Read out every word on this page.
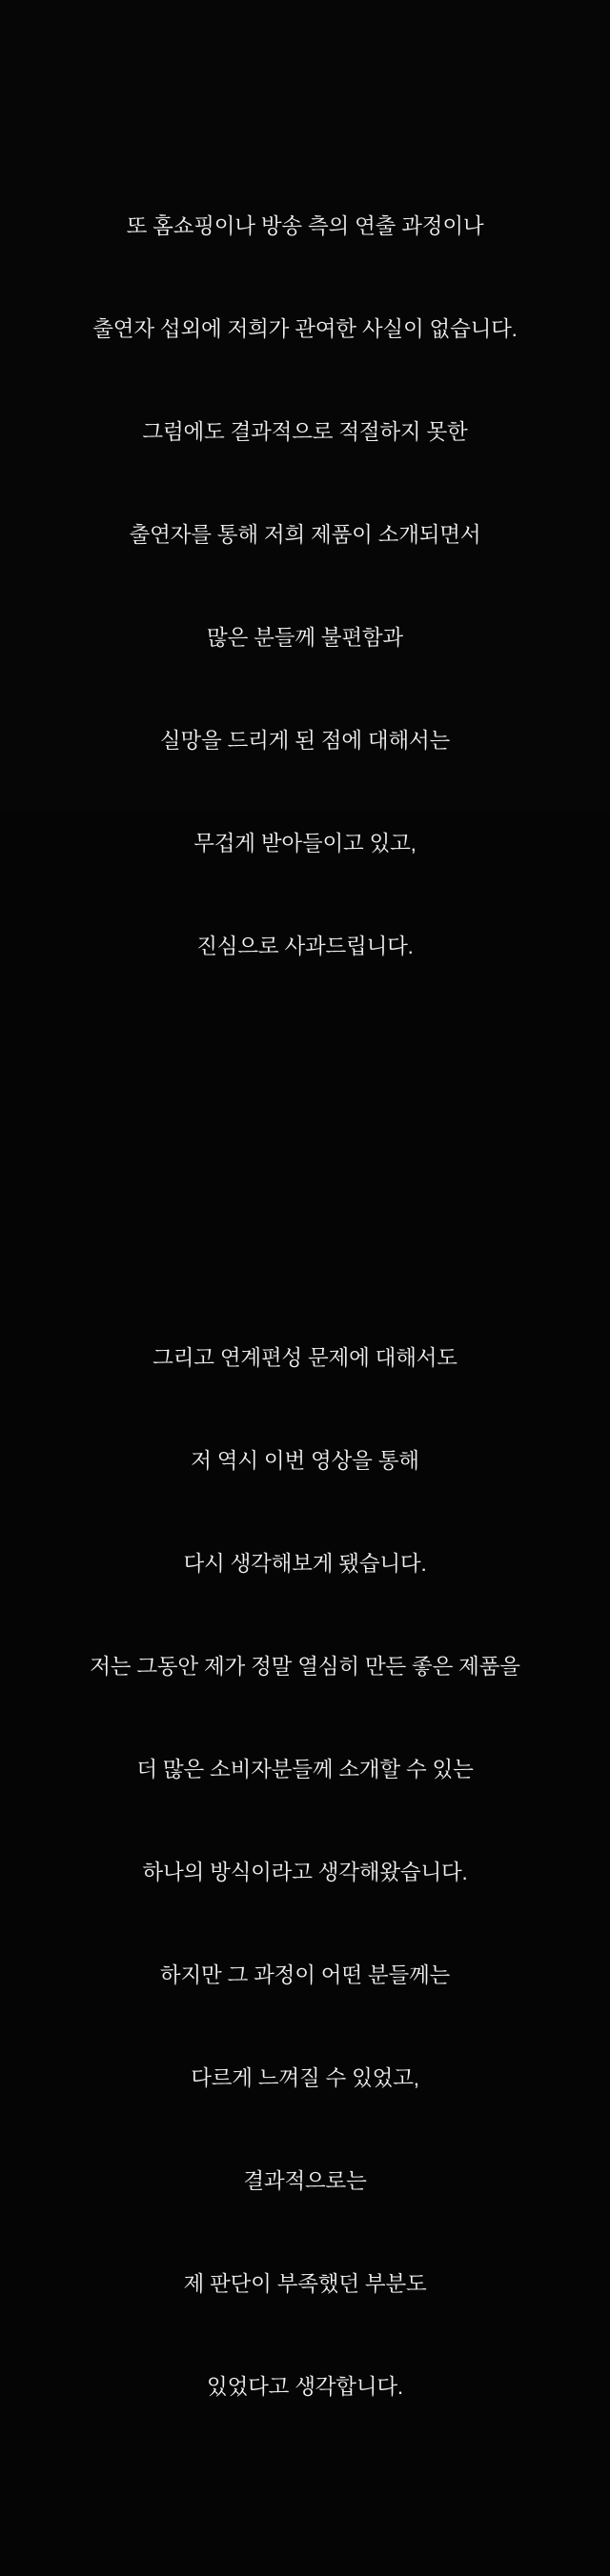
또 홈쇼핑이나 방송 측의 연출 과정이나

출연자 섭외에 저희가 관여한 사실이 없습니다.

그럼에도 결과적으로 적절하지 못한

출연자를 통해 저희 제품이 소개되면서

많은 분들께 불편함과

실망을 드리게 된 점에 대해서는

무겁게 받아들이고 있고,

진심으로 사과드립니다.

그리고 연계편성 문제에 대해서도

저 역시 이번 영상을 통해

다시 생각해보게 됐습니다.

저는 그동안 제가 정말 열심히 만든 좋은 제품을

더 많은 소비자분들께 소개할 수 있는

하나의 방식이라고 생각해왔습니다.

하지만 그 과정이 어떤 분들께는

다르게 느껴질 수 있었고,

결과적으로는

제 판단이 부족했던 부분도

있었다고 생각합니다.
